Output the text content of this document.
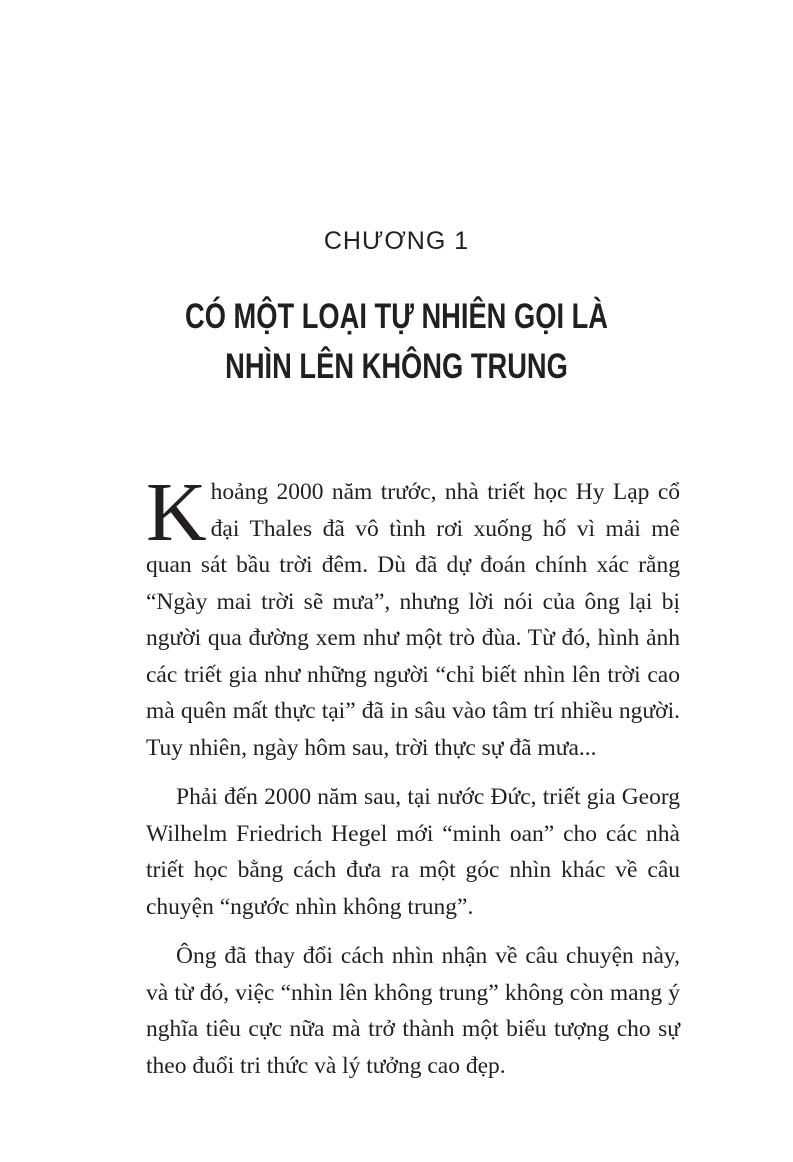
CHƯƠNG 1
CÓ MỘT LOẠI TỰ NHIÊN GỌI LÀ
NHÌN LÊN KHÔNG TRUNG

Khoảng 2000 năm trước, nhà triết học Hy Lạp cổ đại Thales đã vô tình rơi xuống hố vì mải mê quan sát bầu trời đêm. Dù đã dự đoán chính xác rằng “Ngày mai trời sẽ mưa”, nhưng lời nói của ông lại bị người qua đường xem như một trò đùa. Từ đó, hình ảnh các triết gia như những người “chỉ biết nhìn lên trời cao mà quên mất thực tại” đã in sâu vào tâm trí nhiều người. Tuy nhiên, ngày hôm sau, trời thực sự đã mưa...

Phải đến 2000 năm sau, tại nước Đức, triết gia Georg Wilhelm Friedrich Hegel mới “minh oan” cho các nhà triết học bằng cách đưa ra một góc nhìn khác về câu chuyện “ngước nhìn không trung”.

Ông đã thay đổi cách nhìn nhận về câu chuyện này, và từ đó, việc “nhìn lên không trung” không còn mang ý nghĩa tiêu cực nữa mà trở thành một biểu tượng cho sự theo đuổi tri thức và lý tưởng cao đẹp.
